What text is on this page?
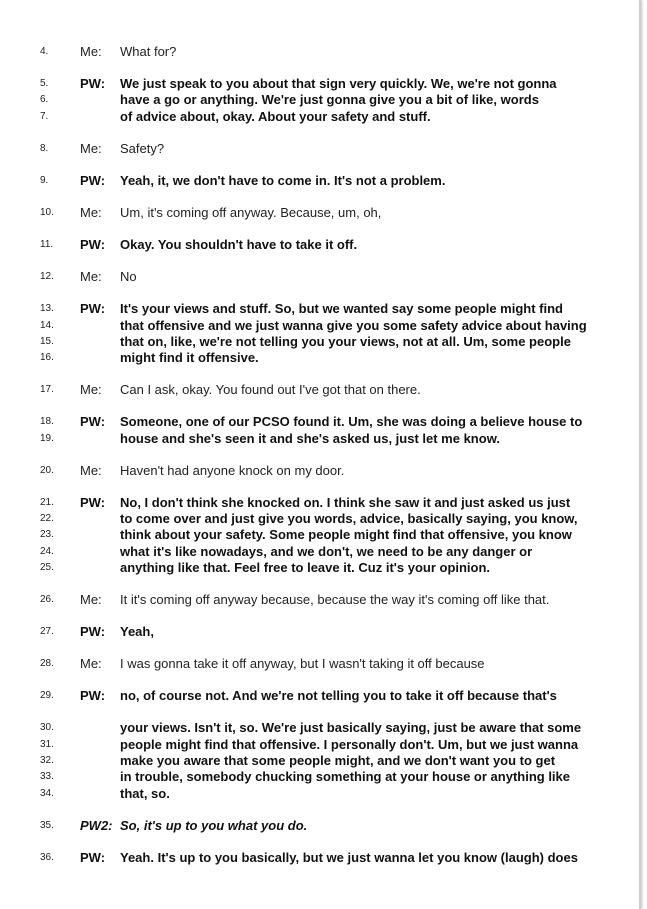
4. Me: What for?
5. PW: We just speak to you about that sign very quickly. We, we're not gonna
6.	have a go or anything. We're just gonna give you a bit of like, words
7.	of advice about, okay. About your safety and stuff.
8. Me: Safety?
9. PW: Yeah, it, we don't have to come in. It's not a problem.
10. Me: Um, it's coming off anyway. Because, um, oh,
11. PW: Okay. You shouldn't have to take it off.
12. Me: No
13. PW: It's your views and stuff. So, but we wanted say some people might find
14.	that offensive and we just wanna give you some safety advice about having
15.	that on, like, we're not telling you your views, not at all. Um, some people
16.	might find it offensive.
17. Me: Can I ask, okay. You found out I've got that on there.
18. PW: Someone, one of our PCSO found it. Um, she was doing a believe house to
19.	house and she's seen it and she's asked us, just let me know.
20. Me: Haven't had anyone knock on my door.
21. PW: No, I don't think she knocked on. I think she saw it and just asked us just
22.	to come over and just give you words, advice, basically saying, you know,
23.	think about your safety. Some people might find that offensive, you know
24.	what it's like nowadays, and we don't, we need to be any danger or
25.	anything like that. Feel free to leave it. Cuz it's your opinion.
26. Me: It it's coming off anyway because, because the way it's coming off like that.
27. PW: Yeah,
28. Me: I was gonna take it off anyway, but I wasn't taking it off because
29. PW: no, of course not. And we're not telling you to take it off because that's
30.	your views. Isn't it, so. We're just basically saying, just be aware that some
31.	people might find that offensive. I personally don't. Um, but we just wanna
32.	make you aware that some people might, and we don't want you to get
33.	in trouble, somebody chucking something at your house or anything like
34.	that, so.
35. PW2: So, it's up to you what you do.
36. PW: Yeah. It's up to you basically, but we just wanna let you know (laugh) does
